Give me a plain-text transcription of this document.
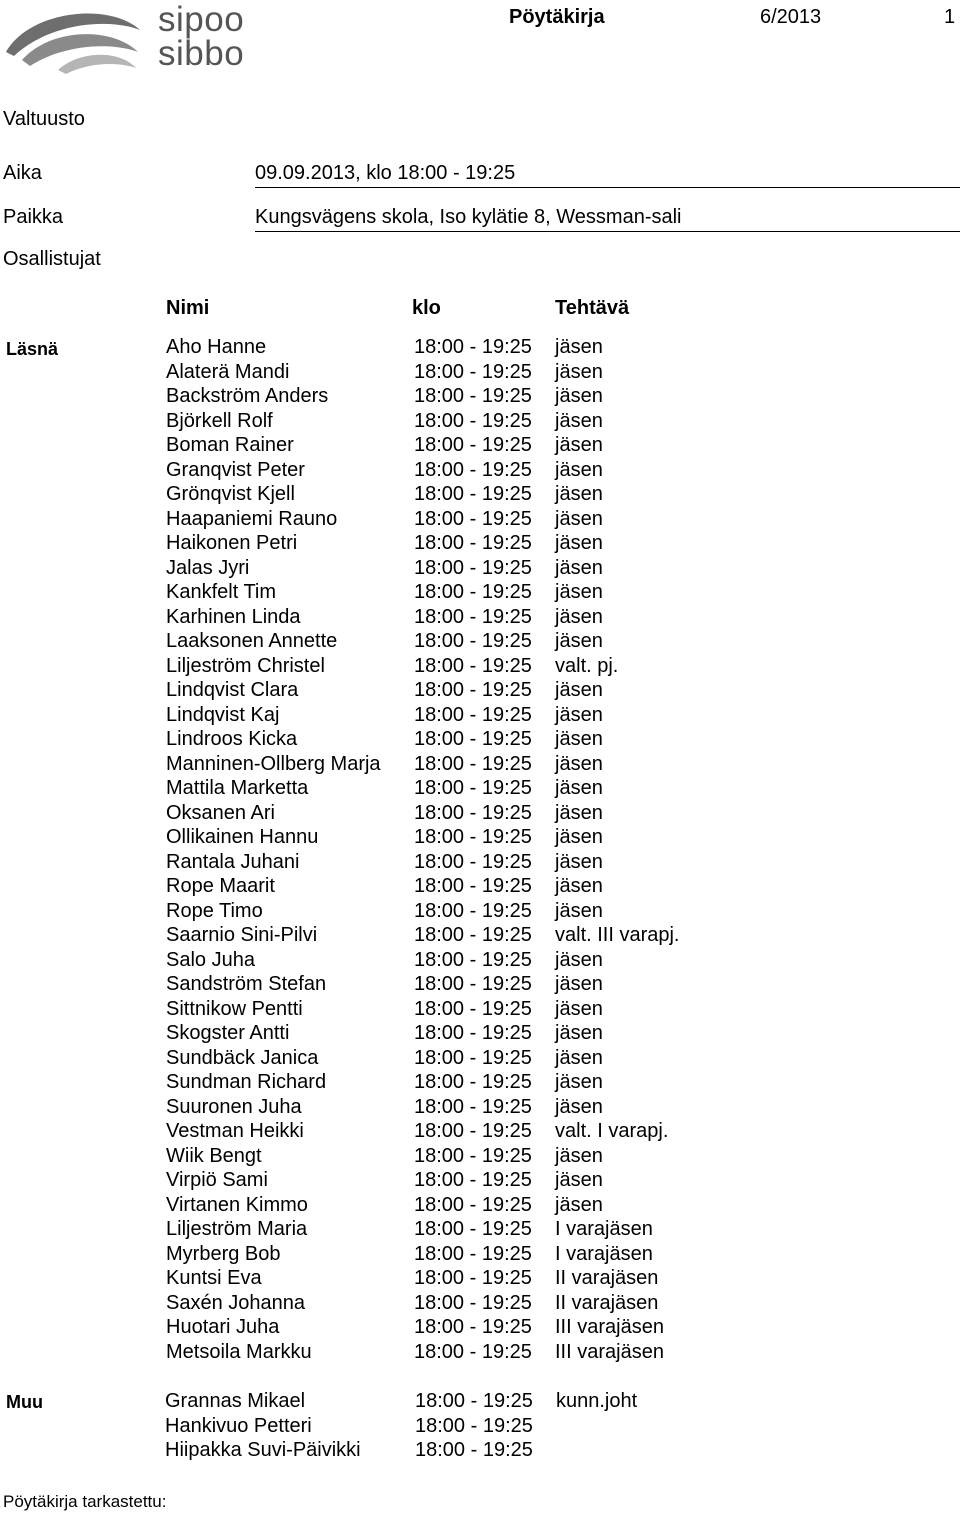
sipoo
sibbo
Pöytäkirja	6/2013	1
Valtuusto
Aika	09.09.2013, klo 18:00 - 19:25
Paikka	Kungsvägens skola, Iso kylätie 8, Wessman-sali
Osallistujat
Nimi	klo	Tehtävä
Läsnä	Aho Hanne	18:00 - 19:25 jäsen
Alaterä Mandi	18:00 - 19:25 jäsen
Backström Anders	18:00 - 19:25 jäsen
Björkell Rolf	18:00 - 19:25 jäsen
Boman Rainer	18:00 - 19:25 jäsen
Granqvist Peter	18:00 - 19:25 jäsen
Grönqvist Kjell	18:00 - 19:25 jäsen
Haapaniemi Rauno	18:00 - 19:25 jäsen
Haikonen Petri	18:00 - 19:25 jäsen
Jalas Jyri	18:00 - 19:25 jäsen
Kankfelt Tim	18:00 - 19:25 jäsen
Karhinen Linda	18:00 - 19:25 jäsen
Laaksonen Annette	18:00 - 19:25 jäsen
Liljeström Christel	18:00 - 19:25 valt. pj.
Lindqvist Clara	18:00 - 19:25 jäsen
Lindqvist Kaj	18:00 - 19:25 jäsen
Lindroos Kicka	18:00 - 19:25 jäsen
Manninen-Ollberg Marja 18:00 - 19:25 jäsen
Mattila Marketta	18:00 - 19:25 jäsen
Oksanen Ari	18:00 - 19:25 jäsen
Ollikainen Hannu	18:00 - 19:25 jäsen
Rantala Juhani	18:00 - 19:25 jäsen
Rope Maarit	18:00 - 19:25 jäsen
Rope Timo	18:00 - 19:25 jäsen
Saarnio Sini-Pilvi	18:00 - 19:25 valt. III varapj.
Salo Juha	18:00 - 19:25 jäsen
Sandström Stefan	18:00 - 19:25 jäsen
Sittnikow Pentti	18:00 - 19:25 jäsen
Skogster Antti	18:00 - 19:25 jäsen
Sundbäck Janica	18:00 - 19:25 jäsen
Sundman Richard	18:00 - 19:25 jäsen
Suuronen Juha	18:00 - 19:25 jäsen
Vestman Heikki	18:00 - 19:25 valt. I varapj.
Wiik Bengt	18:00 - 19:25 jäsen
Virpiö Sami	18:00 - 19:25 jäsen
Virtanen Kimmo	18:00 - 19:25 jäsen
Liljeström Maria	18:00 - 19:25 I varajäsen
Myrberg Bob	18:00 - 19:25 I varajäsen
Kuntsi Eva	18:00 - 19:25 II varajäsen
Saxén Johanna	18:00 - 19:25 II varajäsen
Huotari Juha	18:00 - 19:25 III varajäsen
Metsoila Markku	18:00 - 19:25 III varajäsen
Muu	Grannas Mikael	18:00 - 19:25 kunn.joht
Hankivuo Petteri	18:00 - 19:25
Hiipakka Suvi-Päivikki	18:00 - 19:25
Pöytäkirja tarkastettu:
